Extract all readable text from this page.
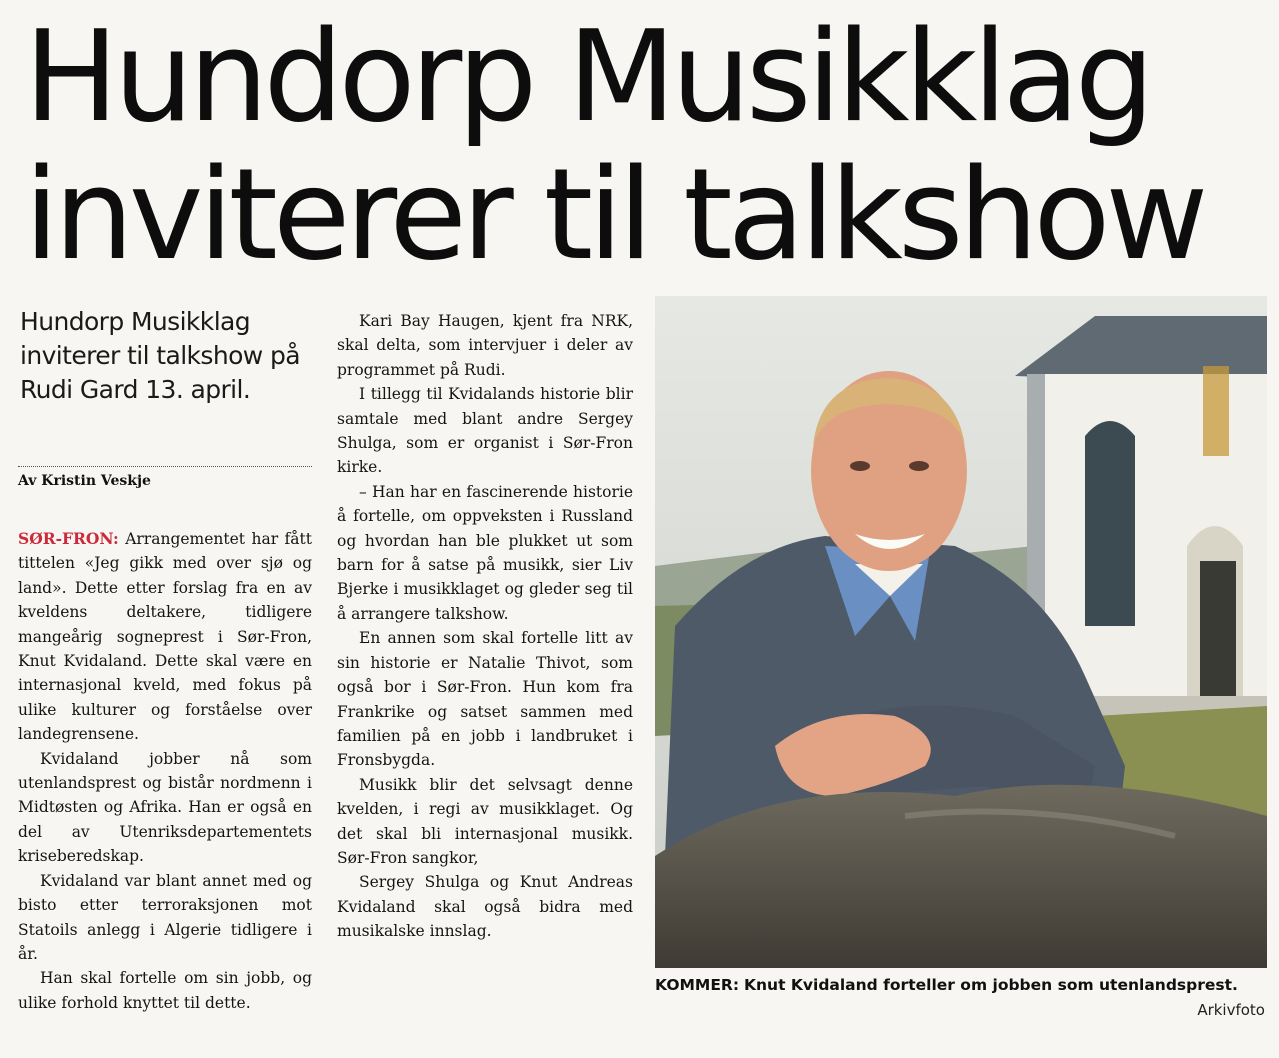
Hundorp Musikklag
inviterer til talkshow

Hundorp Musikklag inviterer til talkshow på Rudi Gard 13. april.

Av Kristin Veskje

SØR-FRON: Arrangementet har fått tittelen «Jeg gikk med over sjø og land». Dette etter forslag fra en av kveldens deltakere, tidligere mangeårig sogneprest i Sør-Fron, Knut Kvidaland. Dette skal være en internasjonal kveld, med fokus på ulike kulturer og forståelse over landegrensene.

Kvidaland jobber nå som utenlandsprest og bistår nordmenn i Midtøsten og Afrika. Han er også en del av Utenriksdepartementets kriseberedskap.

Kvidaland var blant annet med og bisto etter terroraksjonen mot Statoils anlegg i Algerie tidligere i år.

Han skal fortelle om sin jobb, og ulike forhold knyttet til dette.

Kari Bay Haugen, kjent fra NRK, skal delta, som intervjuer i deler av programmet på Rudi.

I tillegg til Kvidalands historie blir samtale med blant andre Sergey Shulga, som er organist i Sør-Fron kirke.

– Han har en fascinerende historie å fortelle, om oppveksten i Russland og hvordan han ble plukket ut som barn for å satse på musikk, sier Liv Bjerke i musikklaget og gleder seg til å arrangere talkshow.

En annen som skal fortelle litt av sin historie er Natalie Thivot, som også bor i Sør-Fron. Hun kom fra Frankrike og satset sammen med familien på en jobb i landbruket i Fronsbygda.

Musikk blir det selvsagt denne kvelden, i regi av musikklaget. Og det skal bli internasjonal musikk. Sør-Fron sangkor,

Sergey Shulga og Knut Andreas Kvidaland skal også bidra med musikalske innslag.

KOMMER: Knut Kvidaland forteller om jobben som utenlandsprest.
Arkivfoto
